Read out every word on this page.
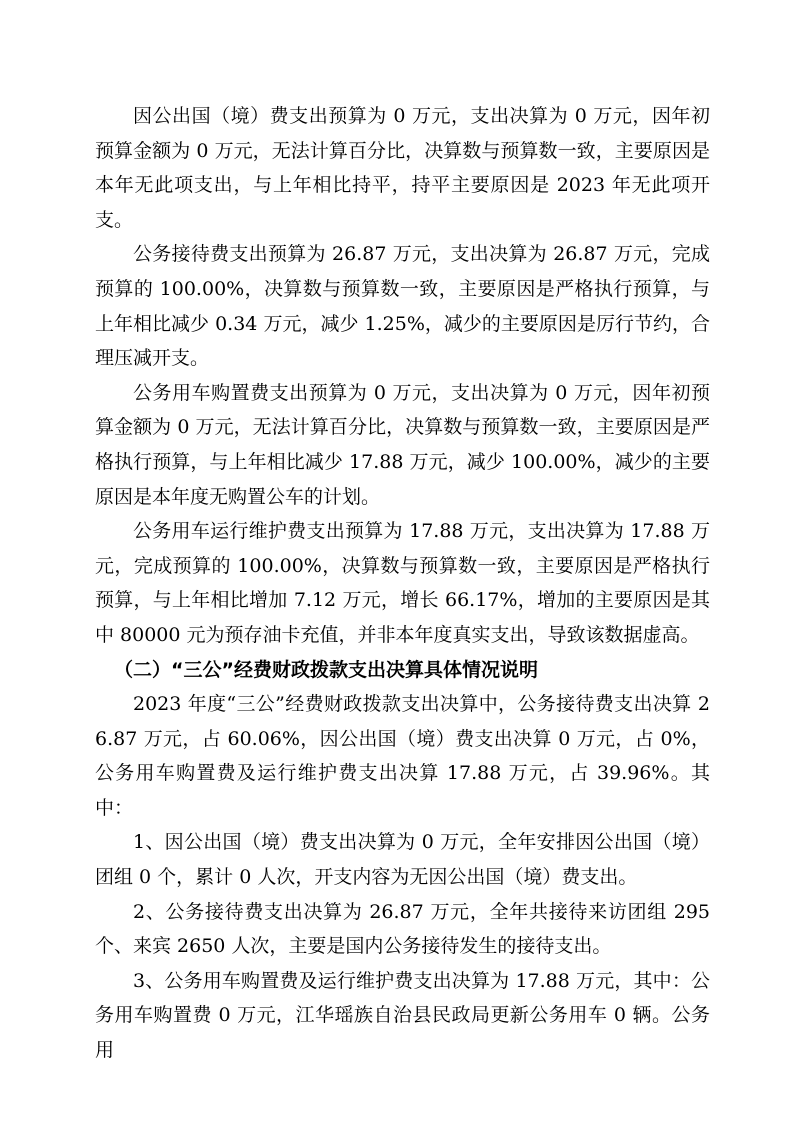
因公出国（境）费支出预算为 0 万元，支出决算为 0 万元，因年初预算金额为 0 万元，无法计算百分比，决算数与预算数一致，主要原因是本年无此项支出，与上年相比持平，持平主要原因是 2023 年无此项开支。

公务接待费支出预算为 26.87 万元，支出决算为 26.87 万元，完成预算的 100.00%，决算数与预算数一致，主要原因是严格执行预算，与上年相比减少 0.34 万元，减少 1.25%，减少的主要原因是厉行节约，合理压减开支。

公务用车购置费支出预算为 0 万元，支出决算为 0 万元，因年初预算金额为 0 万元，无法计算百分比，决算数与预算数一致，主要原因是严格执行预算，与上年相比减少 17.88 万元，减少 100.00%，减少的主要原因是本年度无购置公车的计划。

公务用车运行维护费支出预算为 17.88 万元，支出决算为 17.88 万元，完成预算的 100.00%，决算数与预算数一致，主要原因是严格执行预算，与上年相比增加 7.12 万元，增长 66.17%，增加的主要原因是其中 80000 元为预存油卡充值，并非本年度真实支出，导致该数据虚高。

（二）“三公”经费财政拨款支出决算具体情况说明

2023 年度“三公”经费财政拨款支出决算中，公务接待费支出决算 26.87 万元，占 60.06%，因公出国（境）费支出决算 0 万元，占 0%，公务用车购置费及运行维护费支出决算 17.88 万元，占 39.96%。其中：

1、因公出国（境）费支出决算为 0 万元，全年安排因公出国（境）团组 0 个，累计 0 人次，开支内容为无因公出国（境）费支出。

2、公务接待费支出决算为 26.87 万元，全年共接待来访团组 295 个、来宾 2650 人次，主要是国内公务接待发生的接待支出。

3、公务用车购置费及运行维护费支出决算为 17.88 万元，其中：公务用车购置费 0 万元，江华瑶族自治县民政局更新公务用车 0 辆。公务用
